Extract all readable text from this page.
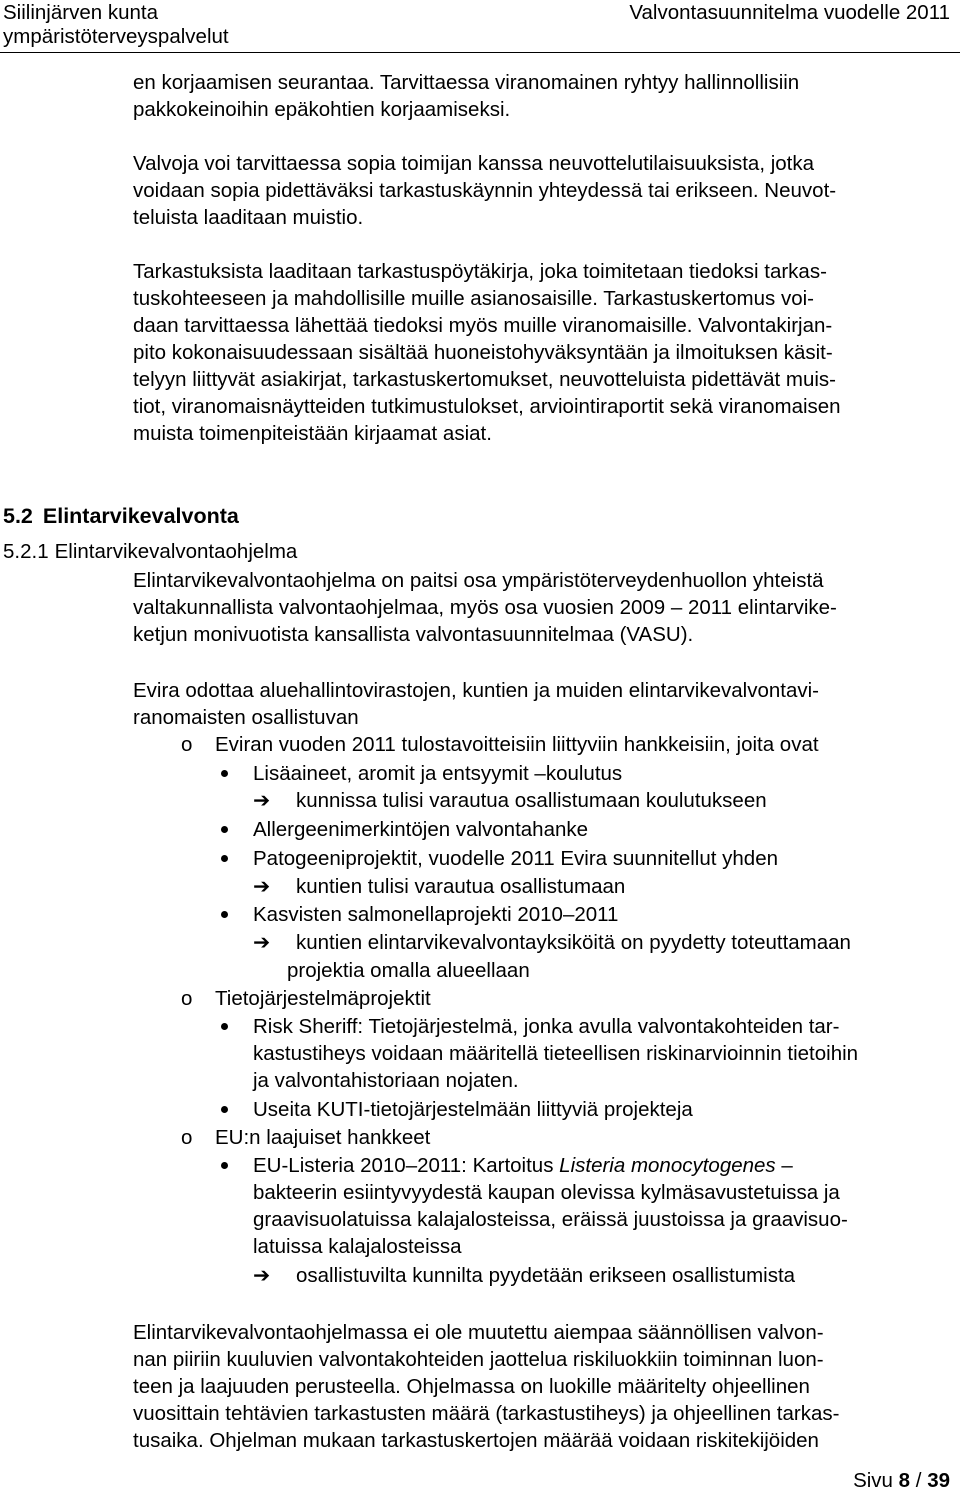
Siilinjärven kunta
ympäristöterveyspalvelut
Valvontasuunnitelma vuodelle 2011
en korjaamisen seurantaa. Tarvittaessa viranomainen ryhtyy hallinnollisiin
pakkokeinoihin epäkohtien korjaamiseksi.
Valvoja voi tarvittaessa sopia toimijan kanssa neuvottelutilaisuuksista, jotka
voidaan sopia pidettäväksi tarkastuskäynnin yhteydessä tai erikseen. Neuvot-
teluista laaditaan muistio.
Tarkastuksista laaditaan tarkastuspöytäkirja, joka toimitetaan tiedoksi tarkas-
tuskohteeseen ja mahdollisille muille asianosaisille. Tarkastuskertomus voi-
daan tarvittaessa lähettää tiedoksi myös muille viranomaisille. Valvontakirjan-
pito kokonaisuudessaan sisältää huoneistohyväksyntään ja ilmoituksen käsit-
telyyn liittyvät asiakirjat, tarkastuskertomukset, neuvotteluista pidettävät muis-
tiot, viranomaisnäytteiden tutkimustulokset, arviointiraportit sekä viranomaisen
muista toimenpiteistään kirjaamat asiat.
5.2 Elintarvikevalvonta
5.2.1 Elintarvikevalvontaohjelma
Elintarvikevalvontaohjelma on paitsi osa ympäristöterveydenhuollon yhteistä
valtakunnallista valvontaohjelmaa, myös osa vuosien 2009 – 2011 elintarvike-
ketjun monivuotista kansallista valvontasuunnitelmaa (VASU).
Evira odottaa aluehallintovirastojen, kuntien ja muiden elintarvikevalvontavi-
ranomaisten osallistuvan
o Eviran vuoden 2011 tulostavoitteisiin liittyviin hankkeisiin, joita ovat
Lisäaineet, aromit ja entsyymit –koulutus
➔ kunnissa tulisi varautua osallistumaan koulutukseen
Allergeenimerkintöjen valvontahanke
Patogeeniprojektit, vuodelle 2011 Evira suunnitellut yhden
➔ kuntien tulisi varautua osallistumaan
Kasvisten salmonellaprojekti 2010–2011
➔ kuntien elintarvikevalvontayksiköitä on pyydetty toteuttamaan
projektia omalla alueellaan
o Tietojärjestelmäprojektit
Risk Sheriff: Tietojärjestelmä, jonka avulla valvontakohteiden tar-
kastustiheys voidaan määritellä tieteellisen riskinarvioinnin tietoihin
ja valvontahistoriaan nojaten.
Useita KUTI-tietojärjestelmään liittyviä projekteja
o EU:n laajuiset hankkeet
EU-Listeria 2010–2011: Kartoitus Listeria monocytogenes –
bakteerin esiintyvyydestä kaupan olevissa kylmäsavustetuissa ja
graavisuolatuissa kalajalosteissa, eräissä juustoissa ja graavisuo-
latuissa kalajalosteissa
➔ osallistuvilta kunnilta pyydetään erikseen osallistumista
Elintarvikevalvontaohjelmassa ei ole muutettu aiempaa säännöllisen valvon-
nan piiriin kuuluvien valvontakohteiden jaottelua riskiluokkiin toiminnan luon-
teen ja laajuuden perusteella. Ohjelmassa on luokille määritelty ohjeellinen
vuosittain tehtävien tarkastusten määrä (tarkastustiheys) ja ohjeellinen tarkas-
tusaika. Ohjelman mukaan tarkastuskertojen määrää voidaan riskitekijöiden
Sivu 8 / 39
